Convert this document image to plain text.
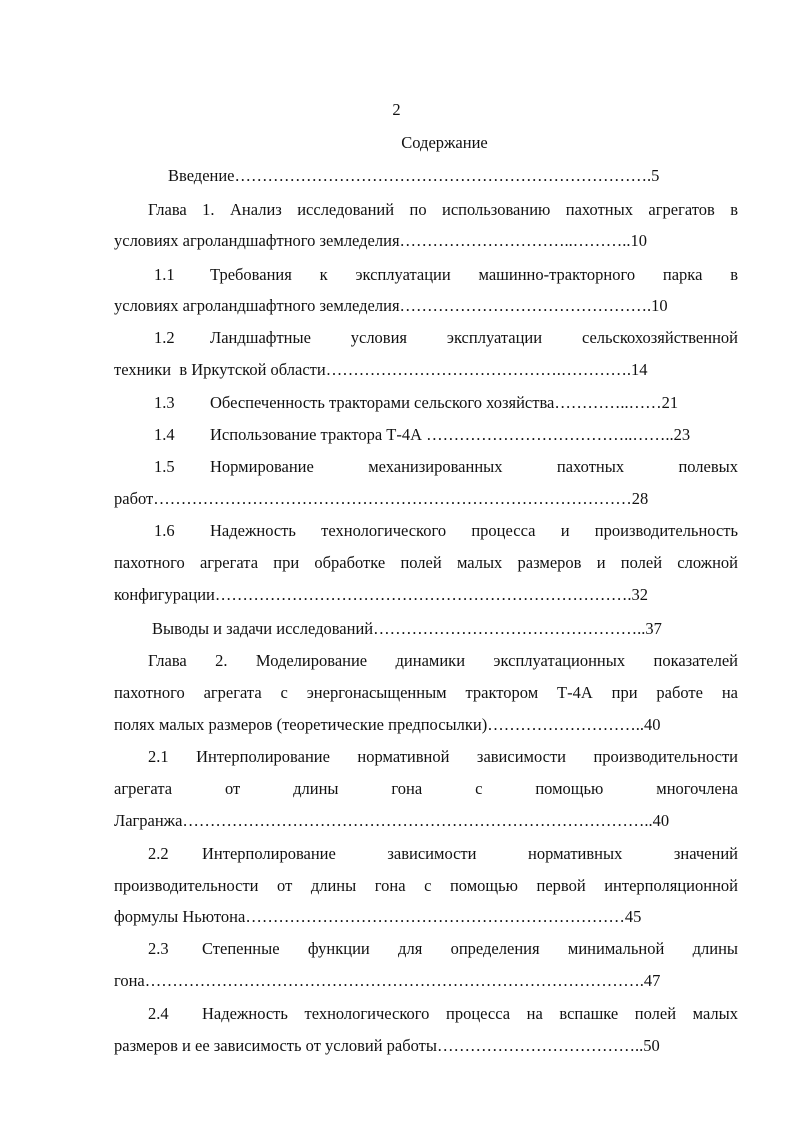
2
Содержание
Введение………………………………………………………………….5
Глава 1. Анализ исследований по использованию пахотных агрегатов в
условиях агроландшафтного земледелия…………………………..………..10
1.1 Требования к эксплуатации машинно-тракторного парка в
условиях агроландшафтного земледелия……………………………………….10
1.2 Ландшафтные условия эксплуатации сельскохозяйственной
техники  в Иркутской области…………………………………….………….14
1.3 Обеспеченность тракторами сельского хозяйства…………..……21
1.4 Использование трактора Т-4А ………………………………..……..23
1.5 Нормирование механизированных пахотных полевых
работ……………………………………………………………………………28
1.6 Надежность технологического процесса и производительность
пахотного агрегата при обработке полей малых размеров и полей сложной
конфигурации………………………………………………………………….32
Выводы и задачи исследований…………………………………………..37
Глава 2. Моделирование динамики эксплуатационных показателей
пахотного агрегата с энергонасыщенным трактором Т-4А при работе на
полях малых размеров (теоретические предпосылки)………………………..40
2.1 Интерполирование нормативной зависимости производительности
агрегата от длины гона с помощью многочлена
Лагранжа…………………………………………………………………………..40
2.2 Интерполирование зависимости нормативных значений
производительности от длины гона с помощью первой интерполяционной
формулы Ньютона……………………………………………………………45
2.3 Степенные функции для определения минимальной длины
гона……………………………………………………………………………….47
2.4 Надежность технологического процесса на вспашке полей малых
размеров и ее зависимость от условий работы………………………………..50
